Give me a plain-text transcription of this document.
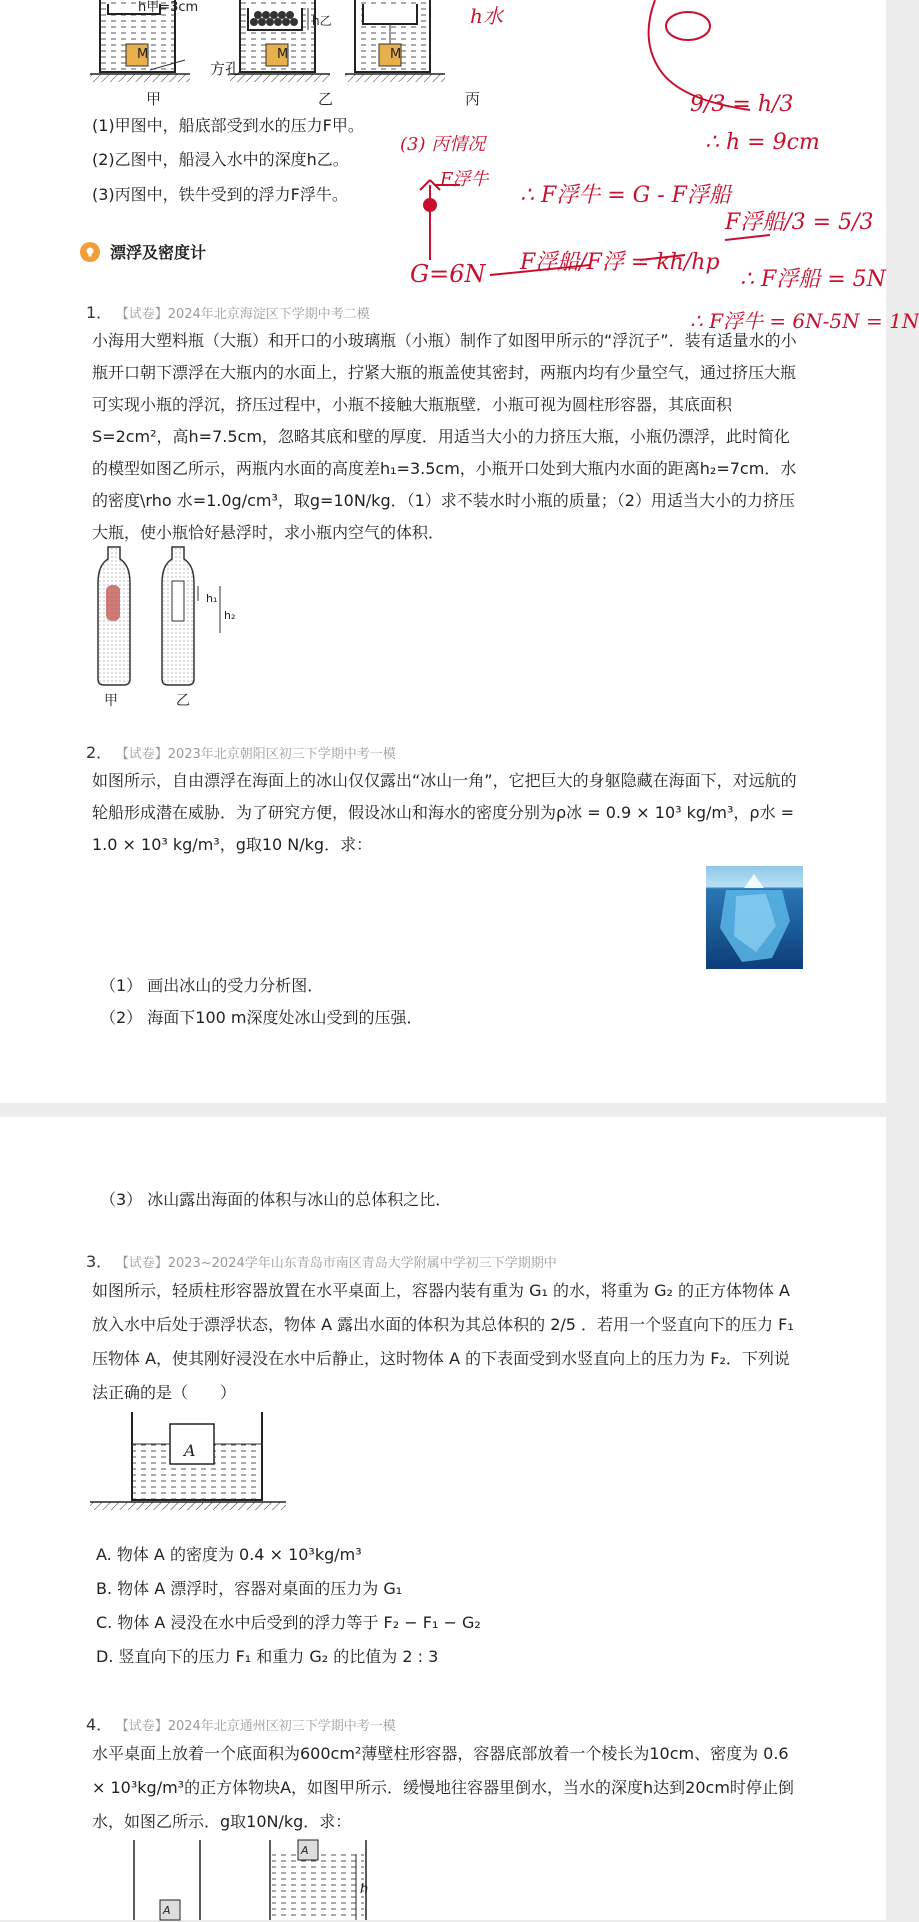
M	M	M
h甲=3cm
h乙
方孔
甲	乙	丙
(1)甲图中，船底部受到水的压力F甲。
(2)乙图中，船浸入水中的深度h乙。
(3)丙图中，铁牛受到的浮力F浮牛。
漂浮及密度计
1． 【试卷】2024年北京海淀区下学期中考二模
小海用大塑料瓶（大瓶）和开口的小玻璃瓶（小瓶）制作了如图甲所示的“浮沉子”．装有适量水的小瓶开口朝下漂浮在大瓶内的水面上，拧紧大瓶的瓶盖使其密封，两瓶内均有少量空气，通过挤压大瓶可实现小瓶的浮沉，挤压过程中，小瓶不接触大瓶瓶壁．小瓶可视为圆柱形容器，其底面积S=2cm²，高h=7.5cm，忽略其底和壁的厚度．用适当大小的力挤压大瓶，小瓶仍漂浮，此时简化的模型如图乙所示，两瓶内水面的高度差h₁=3.5cm，小瓶开口处到大瓶内水面的距离h₂=7cm．水的密度\rho 水=1.0g/cm³，取g=10N/kg．（1）求不装水时小瓶的质量；（2）用适当大小的力挤压大瓶，使小瓶恰好悬浮时，求小瓶内空气的体积．
h₁
h₂
甲	乙
2． 【试卷】2023年北京朝阳区初三下学期中考一模
如图所示，自由漂浮在海面上的冰山仅仅露出“冰山一角”，它把巨大的身躯隐藏在海面下，对远航的轮船形成潜在威胁．为了研究方便，假设冰山和海水的密度分别为ρ冰 = 0.9 × 10³ kg/m³，ρ水 = 1.0 × 10³ kg/m³，g取10 N/kg．求：
（1） 画出冰山的受力分析图．
（2） 海面下100 m深度处冰山受到的压强．
h水
9/3 = h/3
∴ h = 9cm
(3) 丙情况
F浮牛
∴ F浮牛 = G - F浮船
F浮船/F浮 = kh/hp
F浮船/3 = 5/3
G=6N	∴ F浮船 = 5N
∴ F浮牛 = 6N-5N = 1N
（3） 冰山露出海面的体积与冰山的总体积之比．
3． 【试卷】2023~2024学年山东青岛市南区青岛大学附属中学初三下学期期中
如图所示，轻质柱形容器放置在水平桌面上，容器内装有重为 G₁ 的水，将重为 G₂ 的正方体物体 A 放入水中后处于漂浮状态，物体 A 露出水面的体积为其总体积的 2/5 ．若用一个竖直向下的压力 F₁ 压物体 A，使其刚好浸没在水中后静止，这时物体 A 的下表面受到水竖直向上的压力为 F₂．下列说法正确的是（　　）
A
A. 物体 A 的密度为 0.4 × 10³kg/m³
B. 物体 A 漂浮时，容器对桌面的压力为 G₁
C. 物体 A 浸没在水中后受到的浮力等于 F₂ − F₁ − G₂
D. 竖直向下的压力 F₁ 和重力 G₂ 的比值为 2 : 3
4． 【试卷】2024年北京通州区初三下学期中考一模
水平桌面上放着一个底面积为600cm²薄壁柱形容器，容器底部放着一个棱长为10cm、密度为 0.6 × 10³kg/m³的正方体物块A，如图甲所示．缓慢地往容器里倒水，当水的深度h达到20cm时停止倒水，如图乙所示．g取10N/kg．求：
A
A
h
